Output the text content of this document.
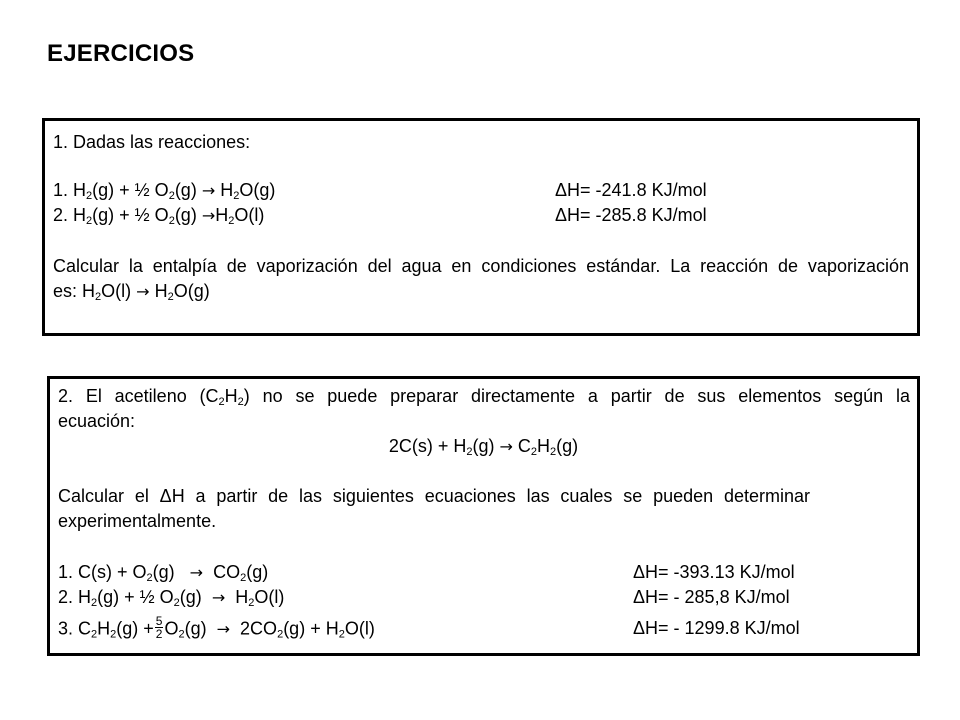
EJERCICIOS
1. Dadas las reacciones:
1. $H_2(g)$ + ½ $O_2(g) \to H_2O(g)$	ΔH= -241.8 KJ/mol
2. $H_2(g)$ + ½ $O_2(g) \to H_2O(l)$	ΔH= -285.8 KJ/mol
Calcular la entalpía de vaporización del agua en condiciones estándar. La reacción de vaporización
es: $H_2O(l) \to H_2O(g)$
2. El acetileno $(C_2H_2)$ no se puede preparar directamente a partir de sus elementos según la
ecuación:
$2C(s) + H_2(g) \to C_2H_2(g)$
Calcular el ΔH a partir de las siguientes ecuaciones las cuales se pueden determinar
experimentalmente.
1. $C(s) + O_2(g) \to CO_2(g)$	ΔH= -393.13 KJ/mol
2. $H_2(g)$ + ½ $O_2(g) \to H_2O(l)$	ΔH= - 285,8 KJ/mol
3. $C_2H_2(g) + \frac{5}{2} O_2(g) \to 2CO_2(g) + H_2O(l)$	ΔH= - 1299.8 KJ/mol
